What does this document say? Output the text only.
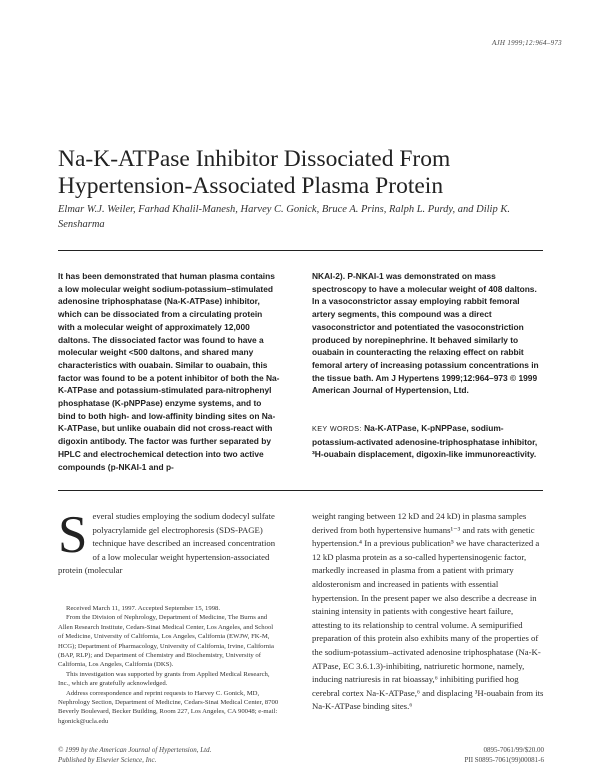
AJH 1999;12:964–973
Na-K-ATPase Inhibitor Dissociated From
Hypertension-Associated Plasma Protein
Elmar W.J. Weiler, Farhad Khalil-Manesh, Harvey C. Gonick, Bruce A. Prins, Ralph L. Purdy, and Dilip K. Sensharma
It has been demonstrated that human plasma contains a low molecular weight sodium-potassium–stimulated adenosine triphosphatase (Na-K-ATPase) inhibitor, which can be dissociated from a circulating protein with a molecular weight of approximately 12,000 daltons. The dissociated factor was found to have a molecular weight <500 daltons, and shared many characteristics with ouabain. Similar to ouabain, this factor was found to be a potent inhibitor of both the Na-K-ATPase and potassium-stimulated para-nitrophenyl phosphatase (K-pNPPase) enzyme systems, and to bind to both high- and low-affinity binding sites on Na-K-ATPase, but unlike ouabain did not cross-react with digoxin antibody. The factor was further separated by HPLC and electrochemical detection into two active compounds (p-NKAI-1 and p-
NKAI-2). P-NKAI-1 was demonstrated on mass spectroscopy to have a molecular weight of 408 daltons. In a vasoconstrictor assay employing rabbit femoral artery segments, this compound was a direct vasoconstrictor and potentiated the vasoconstriction produced by norepinephrine. It behaved similarly to ouabain in counteracting the relaxing effect on rabbit femoral artery of increasing potassium concentrations in the tissue bath. Am J Hypertens 1999;12:964–973 © 1999 American Journal of Hypertension, Ltd.
KEY WORDS: Na-K-ATPase, K-pNPPase, sodium-potassium-activated adenosine-triphosphatase inhibitor, ³H-ouabain displacement, digoxin-like immunoreactivity.
S everal studies employing the sodium dodecyl sulfate polyacrylamide gel electrophoresis (SDS-PAGE) technique have described an increased concentration of a low molecular weight hypertension-associated protein (molecular

Received March 11, 1997. Accepted September 15, 1998.

From the Division of Nephrology, Department of Medicine, The Burns and Allen Research Institute, Cedars-Sinai Medical Center, Los Angeles, and School of Medicine, University of California, Los Angeles, California (EWJW, FK-M, HCG); Department of Pharmacology, University of California, Irvine, California (BAP, RLP); and Department of Chemistry and Biochemistry, University of California, Los Angeles, California (DKS).

This investigation was supported by grants from Applied Medical Research, Inc., which are gratefully acknowledged.

Address correspondence and reprint requests to Harvey C. Gonick, MD, Nephrology Section, Department of Medicine, Cedars-Sinai Medical Center, 8700 Beverly Boulevard, Becker Building, Room 227, Los Angeles, CA 90048; e-mail: hgonick@ucla.edu

weight ranging between 12 kD and 24 kD) in plasma samples derived from both hypertensive humans¹⁻³ and rats with genetic hypertension.⁴ In a previous publication⁵ we have characterized a 12 kD plasma protein as a so-called hypertensinogenic factor, markedly increased in plasma from a patient with primary aldosteronism and increased in patients with essential hypertension. In the present paper we also describe a decrease in staining intensity in patients with congestive heart failure, attesting to its relationship to central volume. A semipurified preparation of this protein also exhibits many of the properties of the sodium-potassium–activated adenosine triphosphatase (Na-K-ATPase, EC 3.6.1.3)-inhibiting, natriuretic hormone, namely, inducing natriuresis in rat bioassay,⁶ inhibiting purified hog cerebral cortex Na-K-ATPase,⁶ and displacing ³H-ouabain from its Na-K-ATPase binding sites.⁶
© 1999 by the American Journal of Hypertension, Ltd.
Published by Elsevier Science, Inc.
0895-7061/99/$20.00
PII S0895-7061(99)00081-6
